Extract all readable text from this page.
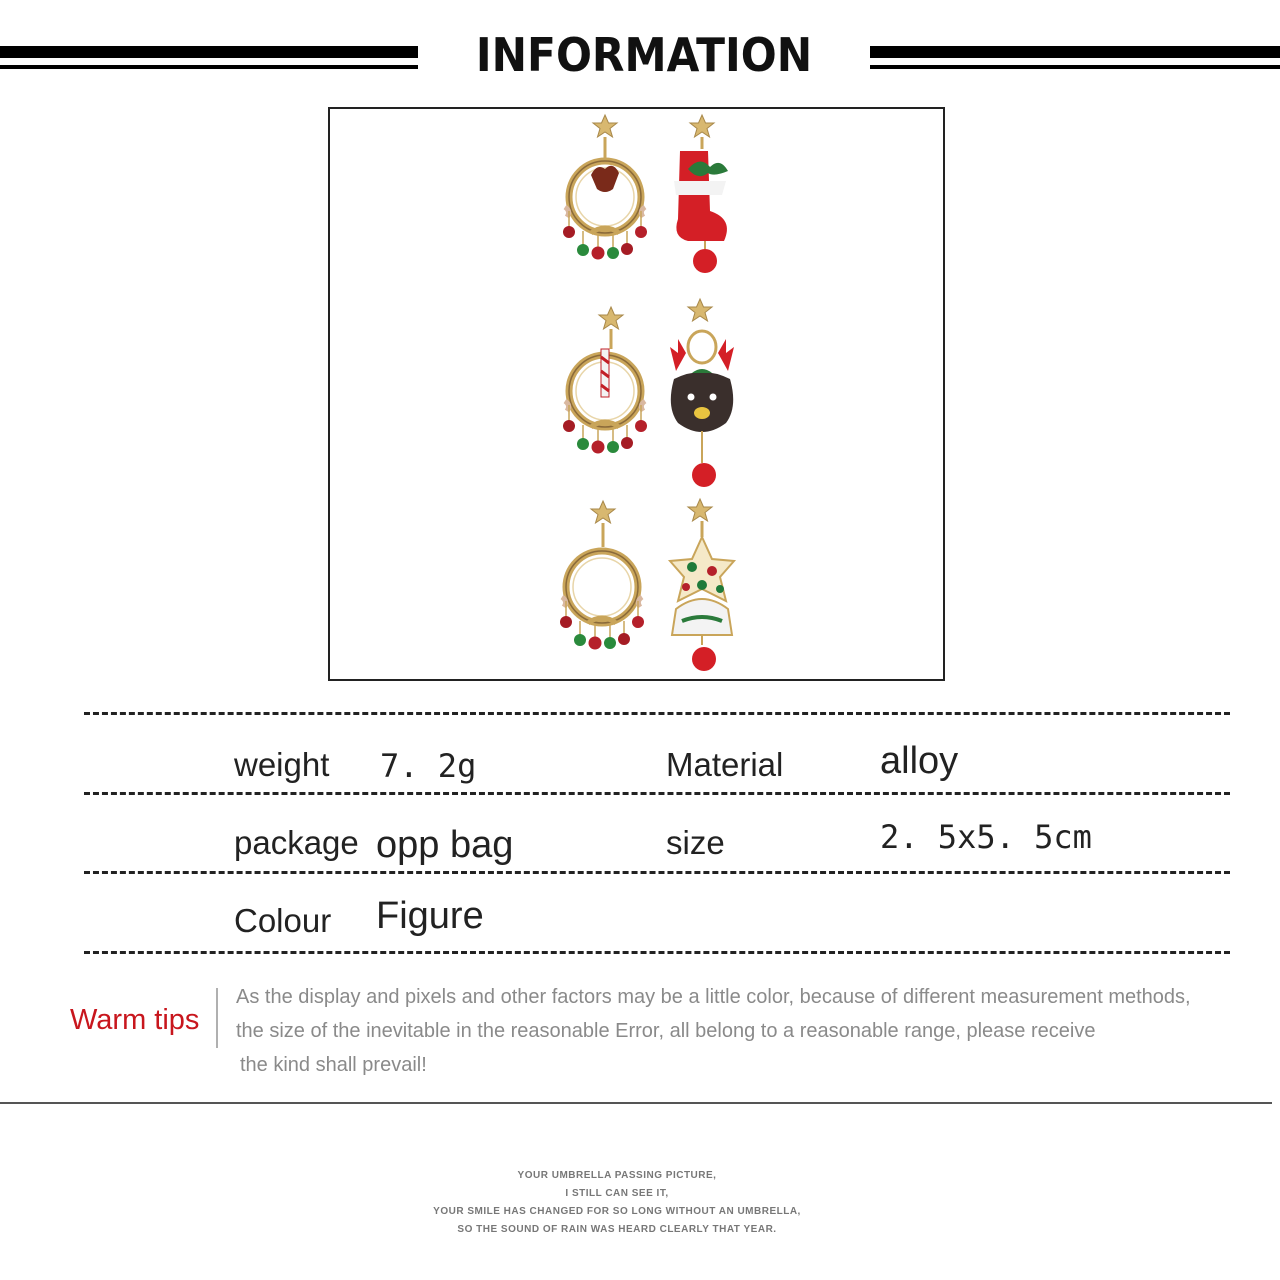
INFORMATION
weight 7. 2g	Material	alloy
package opp bag	size	2. 5x5. 5cm
Colour Figure
Warm tips
As the display and pixels and other factors may be a little color, because of different measurement methods,
the size of the inevitable in the reasonable Error, all belong to a reasonable range, please receive
the kind shall prevail!
YOUR UMBRELLA PASSING PICTURE,
I STILL CAN SEE IT,
YOUR SMILE HAS CHANGED FOR SO LONG WITHOUT AN UMBRELLA,
SO THE SOUND OF RAIN WAS HEARD CLEARLY THAT YEAR.
